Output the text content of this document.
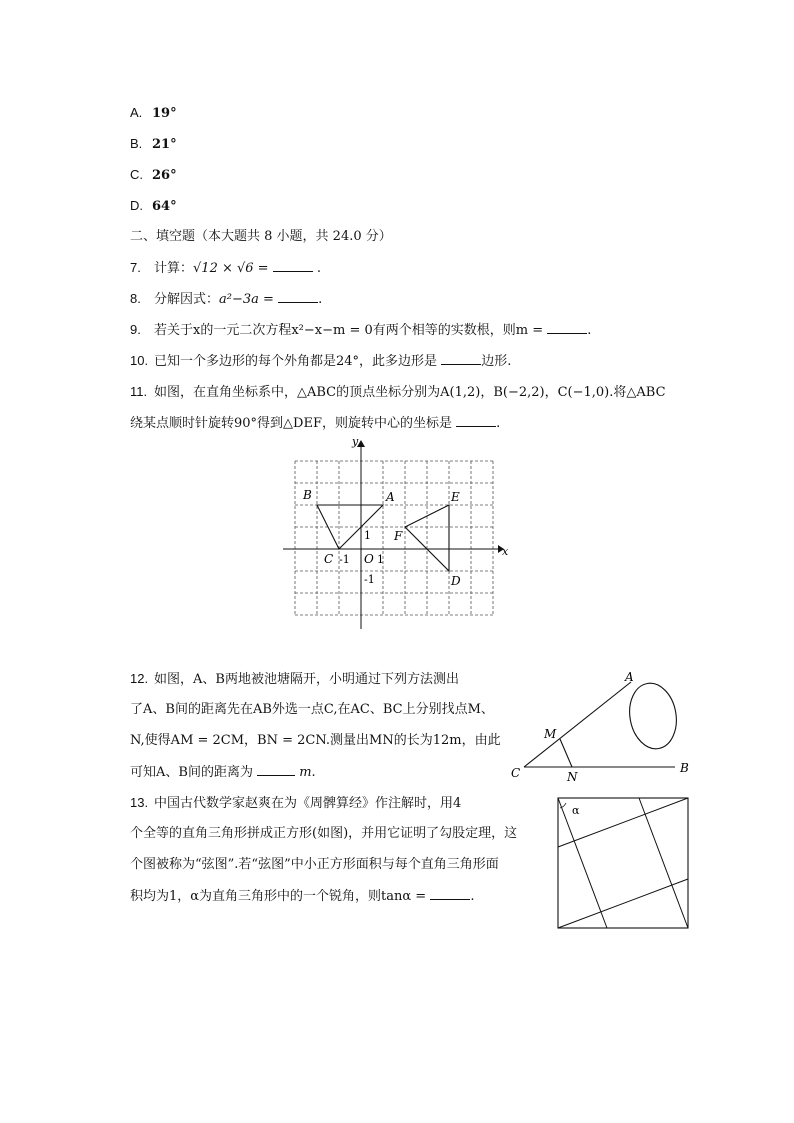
A. 19°
B. 21°
C. 26°
D. 64°
二、填空题（本大题共 8 小题，共 24.0 分）
7. 计算：√12 × √6 =	.
8. 分解因式：a²−3a =	.
9. 若关于x的一元二次方程x²−x−m = 0有两个相等的实数根，则m =	.
10. 已知一个多边形的每个外角都是24°，此多边形是	边形.
11. 如图，在直角坐标系中，△ABC的顶点坐标分别为A(1,2)，B(−2,2)，C(−1,0).将△ABC
绕某点顺时针旋转90°得到△DEF，则旋转中心的坐标是	.
y
x
B	A	E
F
C -1 O 1
1
-1	D
12. 如图，A、B两地被池塘隔开，小明通过下列方法测出
了A、B间的距离先在AB外选一点C,在AC、BC上分别找点M、
N,使得AM = 2CM，BN = 2CN.测量出MN的长为12m，由此
可知A、B间的距离为	m.
A
M
C	N
B
13. 中国古代数学家赵爽在为《周髀算经》作注解时，用4
个全等的直角三角形拼成正方形(如图)，并用它证明了勾股定理，这
个图被称为“弦图”.若“弦图”中小正方形面积与每个直角三角形面
积均为1，α为直角三角形中的一个锐角，则tanα =	.
α
